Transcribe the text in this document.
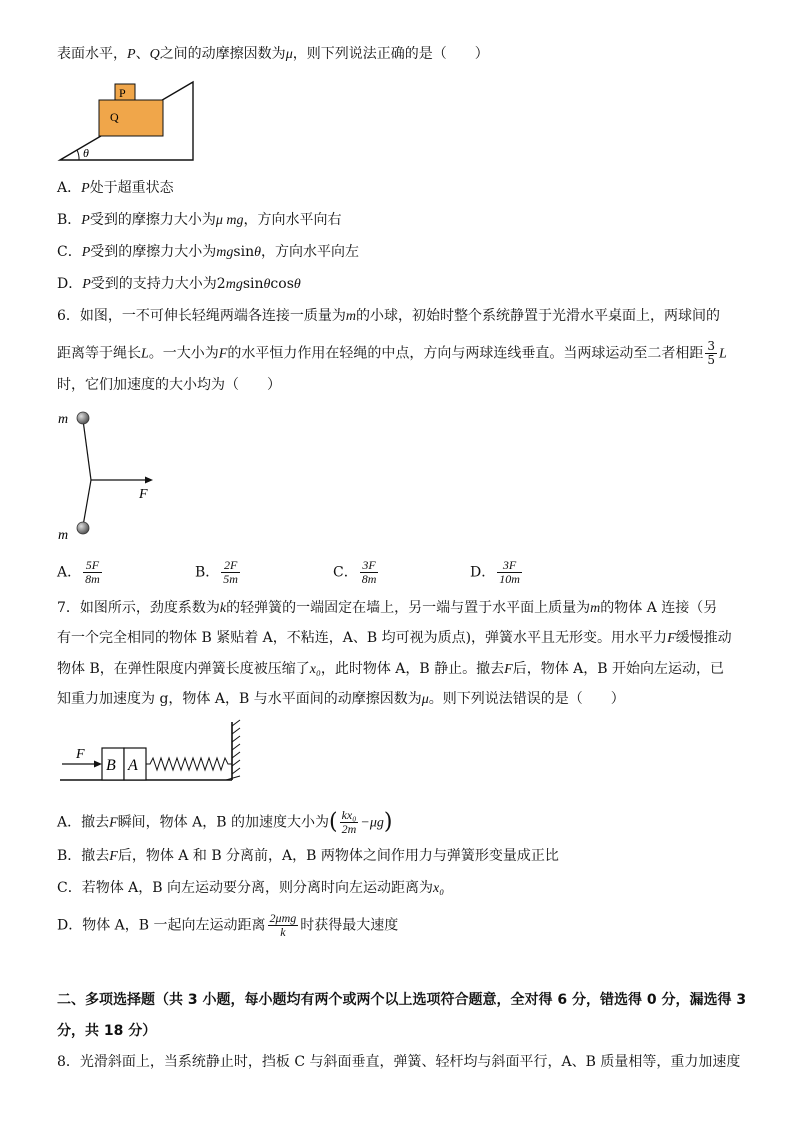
表面水平，P、Q之间的动摩擦因数为μ，则下列说法正确的是（　　）
P
Q
θ
A．P处于超重状态
B．P受到的摩擦力大小为μ mg，方向水平向右
C．P受到的摩擦力大小为mgsinθ，方向水平向左
D．P受到的支持力大小为2mgsinθcosθ
6．如图，一不可伸长轻绳两端各连接一质量为m的小球，初始时整个系统静置于光滑水平桌面上，两球间的
距离等于绳长L。一大小为F的水平恒力作用在轻绳的中点，方向与两球连线垂直。当两球运动至二者相距 $\frac{3}{5}$ L
时，它们加速度的大小均为（　　）
m
m
F
A． $\frac{5F}{8m}$	B． $\frac{2F}{5m}$	C． $\frac{3F}{8m}$	D． $\frac{3F}{10m}$
7．如图所示，劲度系数为k的轻弹簧的一端固定在墙上，另一端与置于水平面上质量为m的物体 A 连接（另
有一个完全相同的物体 B 紧贴着 A，不粘连，A、B 均可视为质点)，弹簧水平且无形变。用水平力F缓慢推动
物体 B，在弹性限度内弹簧长度被压缩了x₀，此时物体 A，B 静止。撤去F后，物体 A，B 开始向左运动，已
知重力加速度为 g，物体 A，B 与水平面间的动摩擦因数为μ。则下列说法错误的是（　　）
B A
F
A．撤去F瞬间，物体 A，B 的加速度大小为( $\frac{\text{kx₀}}{2m} -\mu g$)
B．撤去F后，物体 A 和 B 分离前，A，B 两物体之间作用力与弹簧形变量成正比
C．若物体 A，B 向左运动要分离，则分离时向左运动距离为x₀
D．物体 A，B 一起向左运动距离 $\frac{\text{2μmg}}{k}$ 时获得最大速度
二、多项选择题（共 3 小题，每小题均有两个或两个以上选项符合题意，全对得 6 分，错选得 0 分，漏选得 3
分，共 18 分）
8．光滑斜面上，当系统静止时，挡板 C 与斜面垂直，弹簧、轻杆均与斜面平行，A、B 质量相等，重力加速度
